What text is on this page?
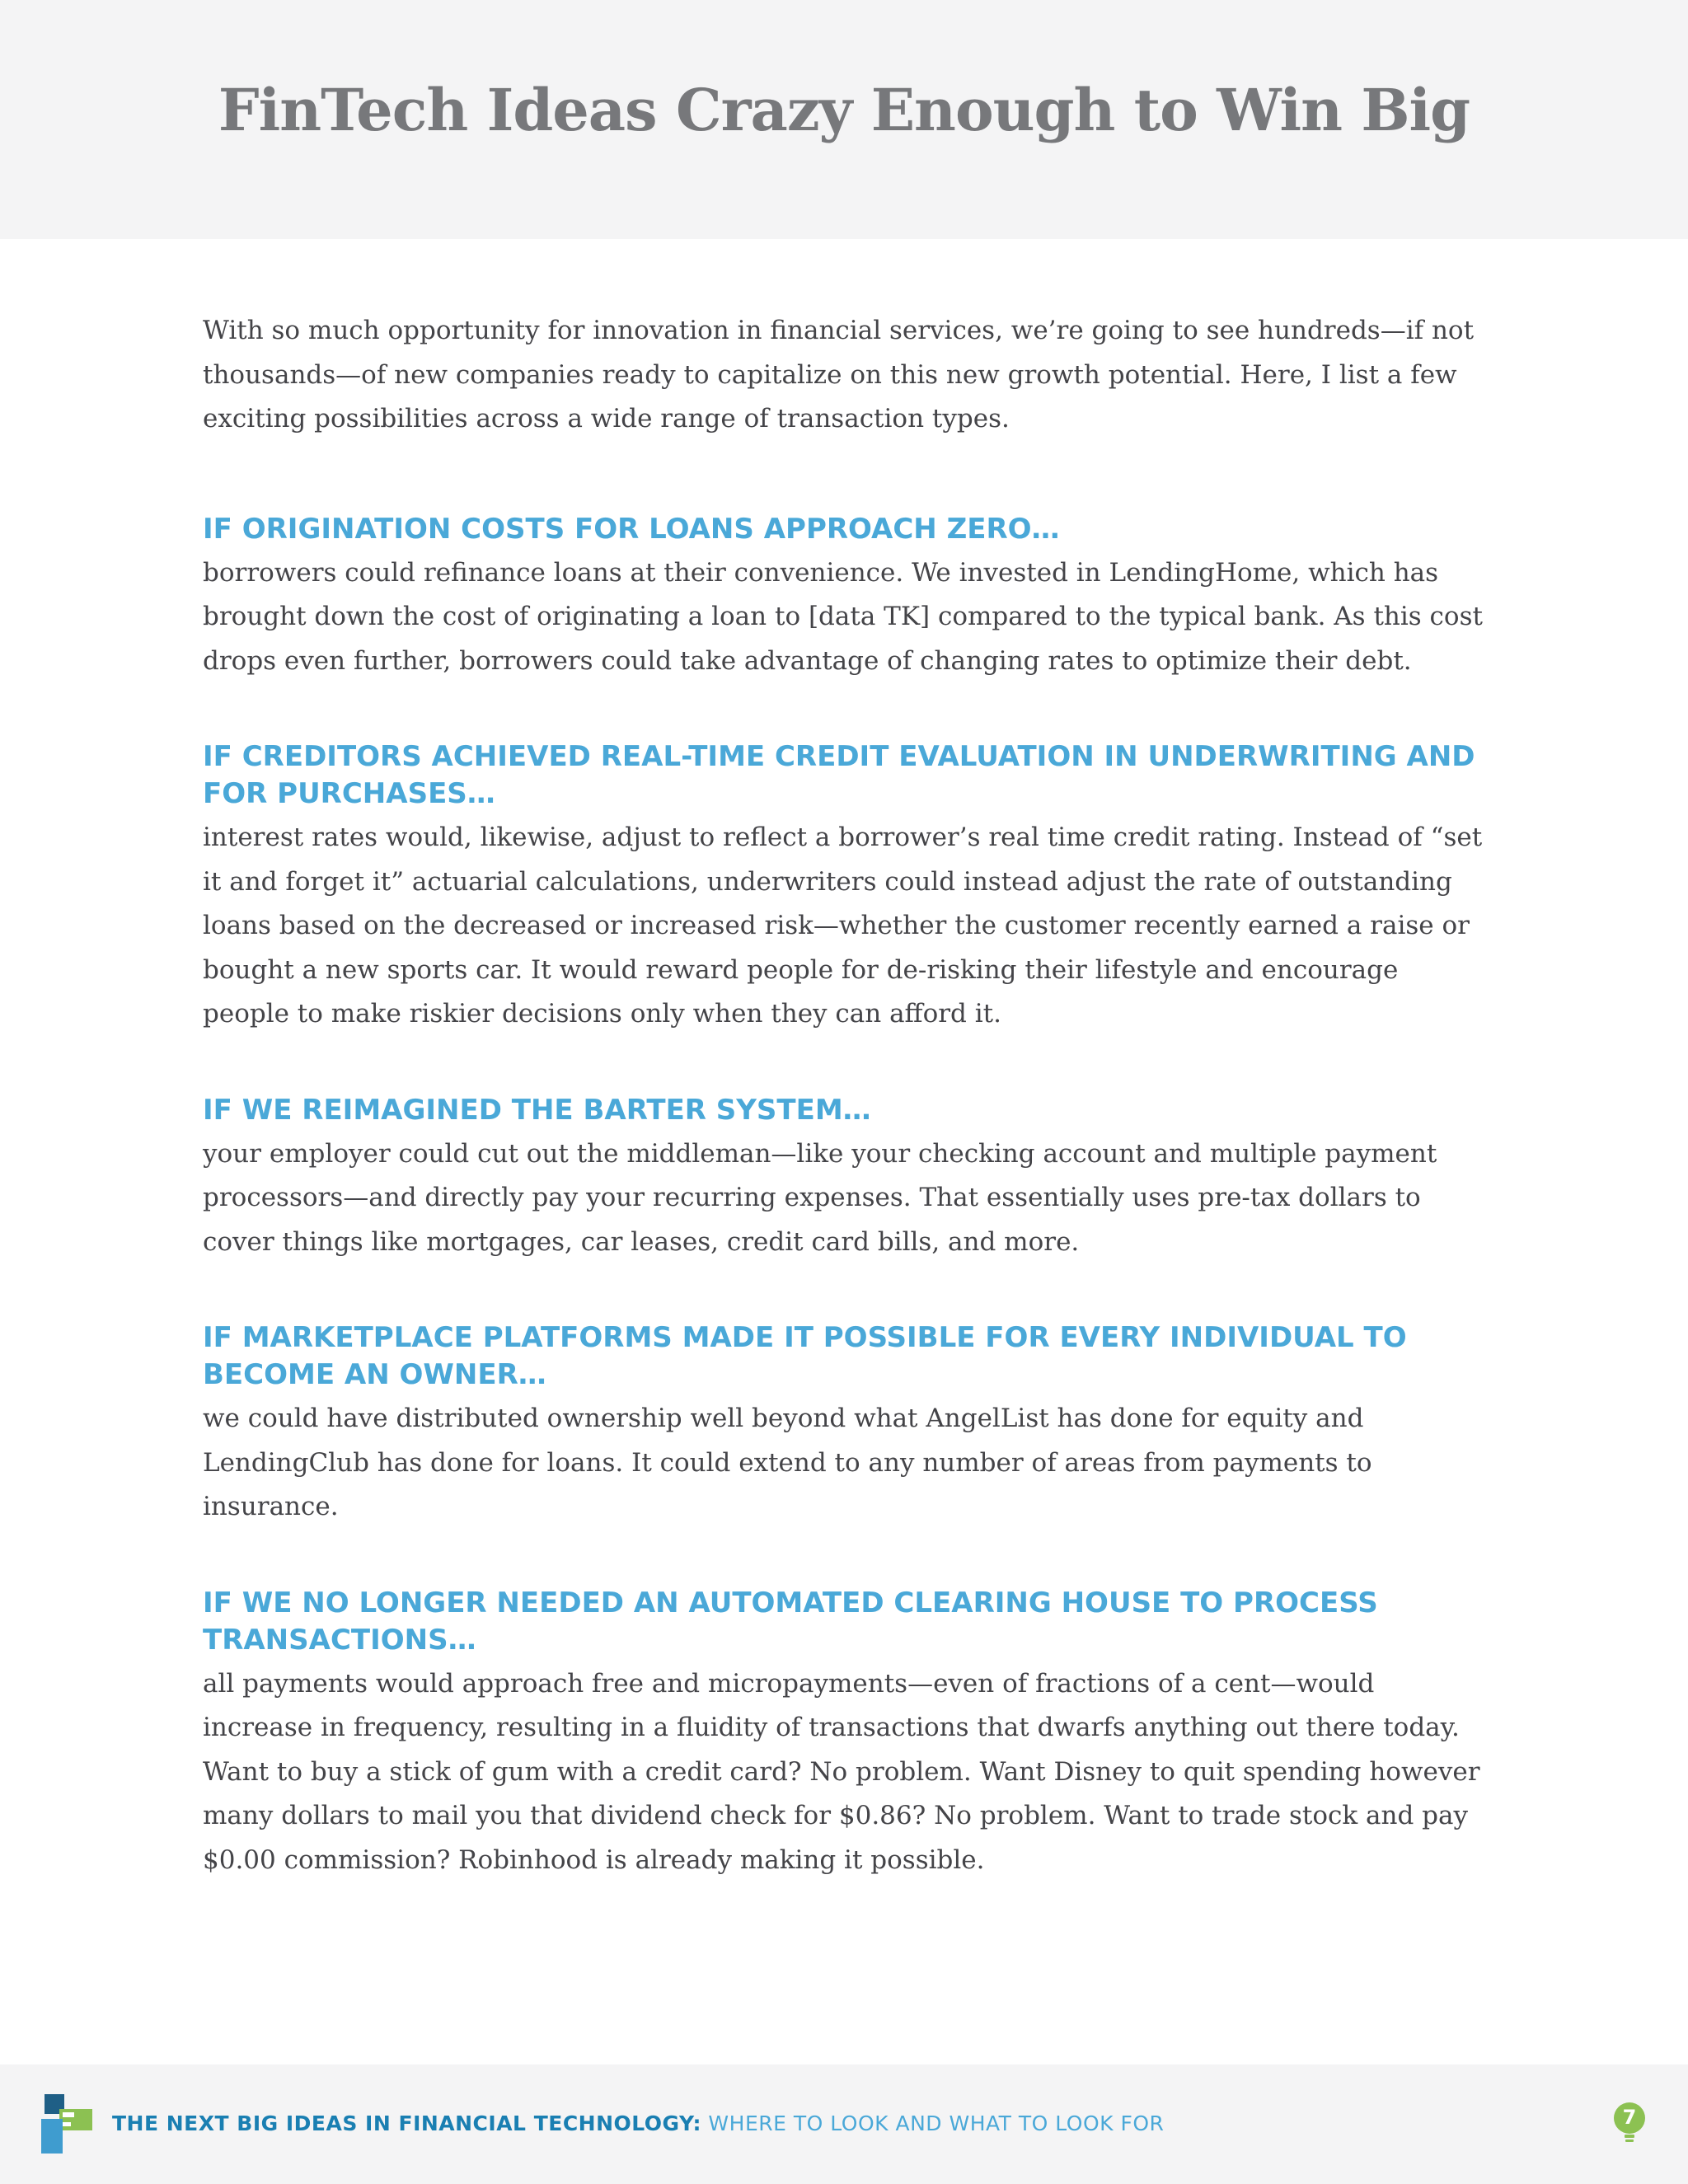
FinTech Ideas Crazy Enough to Win Big

With so much opportunity for innovation in financial services, we’re going to see hundreds—if not thousands—of new companies ready to capitalize on this new growth potential. Here, I list a few exciting possibilities across a wide range of transaction types.

IF ORIGINATION COSTS FOR LOANS APPROACH ZERO…

borrowers could refinance loans at their convenience. We invested in LendingHome, which has brought down the cost of originating a loan to [data TK] compared to the typical bank. As this cost drops even further, borrowers could take advantage of changing rates to optimize their debt.

IF CREDITORS ACHIEVED REAL-TIME CREDIT EVALUATION IN UNDERWRITING AND FOR PURCHASES…

interest rates would, likewise, adjust to reflect a borrower’s real time credit rating. Instead of “set it and forget it” actuarial calculations, underwriters could instead adjust the rate of outstanding loans based on the decreased or increased risk—whether the customer recently earned a raise or bought a new sports car. It would reward people for de-risking their lifestyle and encourage people to make riskier decisions only when they can afford it.

IF WE REIMAGINED THE BARTER SYSTEM…

your employer could cut out the middleman—like your checking account and multiple payment processors—and directly pay your recurring expenses. That essentially uses pre-tax dollars to cover things like mortgages, car leases, credit card bills, and more.

IF MARKETPLACE PLATFORMS MADE IT POSSIBLE FOR EVERY INDIVIDUAL TO BECOME AN OWNER…

we could have distributed ownership well beyond what AngelList has done for equity and LendingClub has done for loans. It could extend to any number of areas from payments to insurance.

IF WE NO LONGER NEEDED AN AUTOMATED CLEARING HOUSE TO PROCESS TRANSACTIONS…

all payments would approach free and micropayments—even of fractions of a cent—would increase in frequency, resulting in a fluidity of transactions that dwarfs anything out there today. Want to buy a stick of gum with a credit card? No problem. Want Disney to quit spending however many dollars to mail you that dividend check for $0.86? No problem. Want to trade stock and pay $0.00 commission? Robinhood is already making it possible.

THE NEXT BIG IDEAS IN FINANCIAL TECHNOLOGY: WHERE TO LOOK AND WHAT TO LOOK FOR	7
